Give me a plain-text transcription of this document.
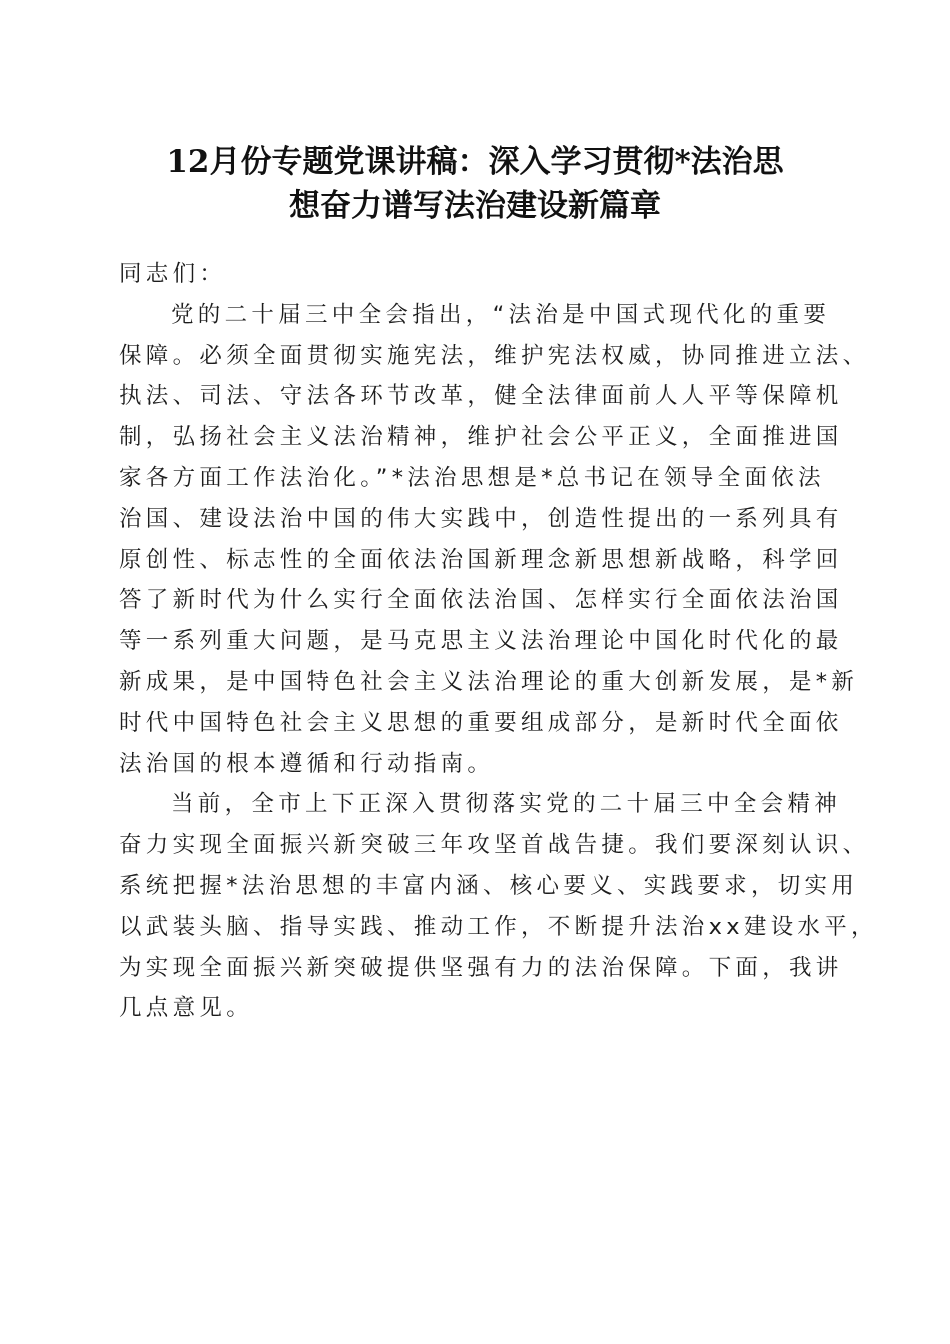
12月份专题党课讲稿：深入学习贯彻*法治思
想奋力谱写法治建设新篇章
同志们：
党的二十届三中全会指出，“法治是中国式现代化的重要
保障。必须全面贯彻实施宪法，维护宪法权威，协同推进立法、
执法、司法、守法各环节改革，健全法律面前人人平等保障机
制，弘扬社会主义法治精神，维护社会公平正义，全面推进国
家各方面工作法治化。”*法治思想是*总书记在领导全面依法
治国、建设法治中国的伟大实践中，创造性提出的一系列具有
原创性、标志性的全面依法治国新理念新思想新战略，科学回
答了新时代为什么实行全面依法治国、怎样实行全面依法治国
等一系列重大问题，是马克思主义法治理论中国化时代化的最
新成果，是中国特色社会主义法治理论的重大创新发展，是*新
时代中国特色社会主义思想的重要组成部分，是新时代全面依
法治国的根本遵循和行动指南。
当前，全市上下正深入贯彻落实党的二十届三中全会精神
奋力实现全面振兴新突破三年攻坚首战告捷。我们要深刻认识、
系统把握*法治思想的丰富内涵、核心要义、实践要求，切实用
以武装头脑、指导实践、推动工作，不断提升法治xx建设水平，
为实现全面振兴新突破提供坚强有力的法治保障。下面，我讲
几点意见。
